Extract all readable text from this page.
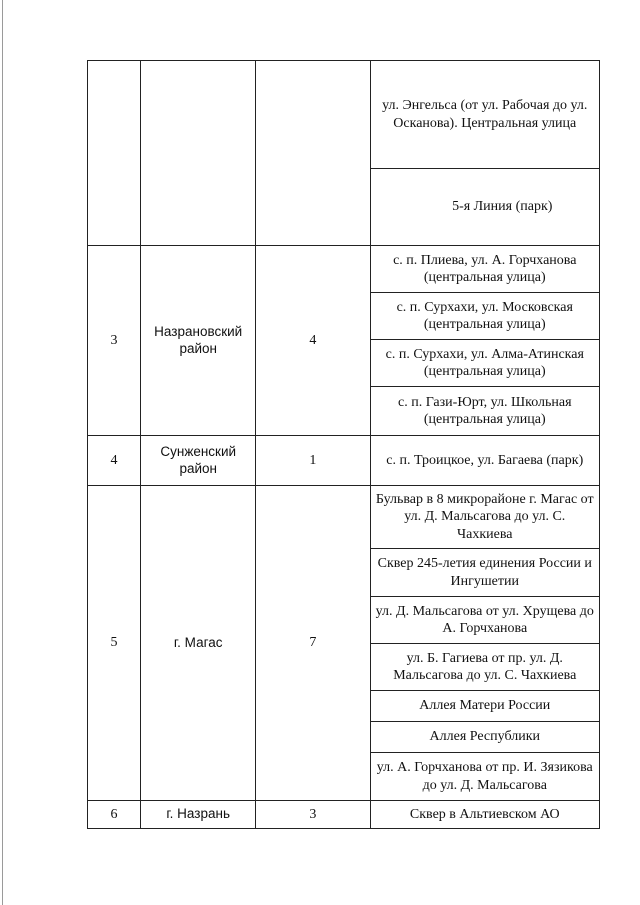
			ул. Энгельса (от ул. Рабочая до ул. Осканова). Центральная улица
			5-я Линия (парк)
3	Назрановский район	4	с. п. Плиева, ул. А. Горчханова (центральная улица)
			с. п. Сурхахи, ул. Московская (центральная улица)
			с. п. Сурхахи, ул. Алма-Атинская (центральная улица)
			с. п. Гази-Юрт, ул. Школьная (центральная улица)
4	Сунженский район	1	с. п. Троицкое, ул. Багаева (парк)
5	г. Магас	7	Бульвар в 8 микрорайоне г. Магас от ул. Д. Мальсагова до ул. С. Чахкиева
			Сквер 245-летия единения России и Ингушетии
			ул. Д. Мальсагова от ул. Хрущева до А. Горчханова
			ул. Б. Гагиева от пр. ул. Д. Мальсагова до ул. С. Чахкиева
			Аллея Матери России
			Аллея Республики
			ул. А. Горчханова от пр. И. Зязикова до ул. Д. Мальсагова
6	г. Назрань	3	Сквер в Альтиевском АО
